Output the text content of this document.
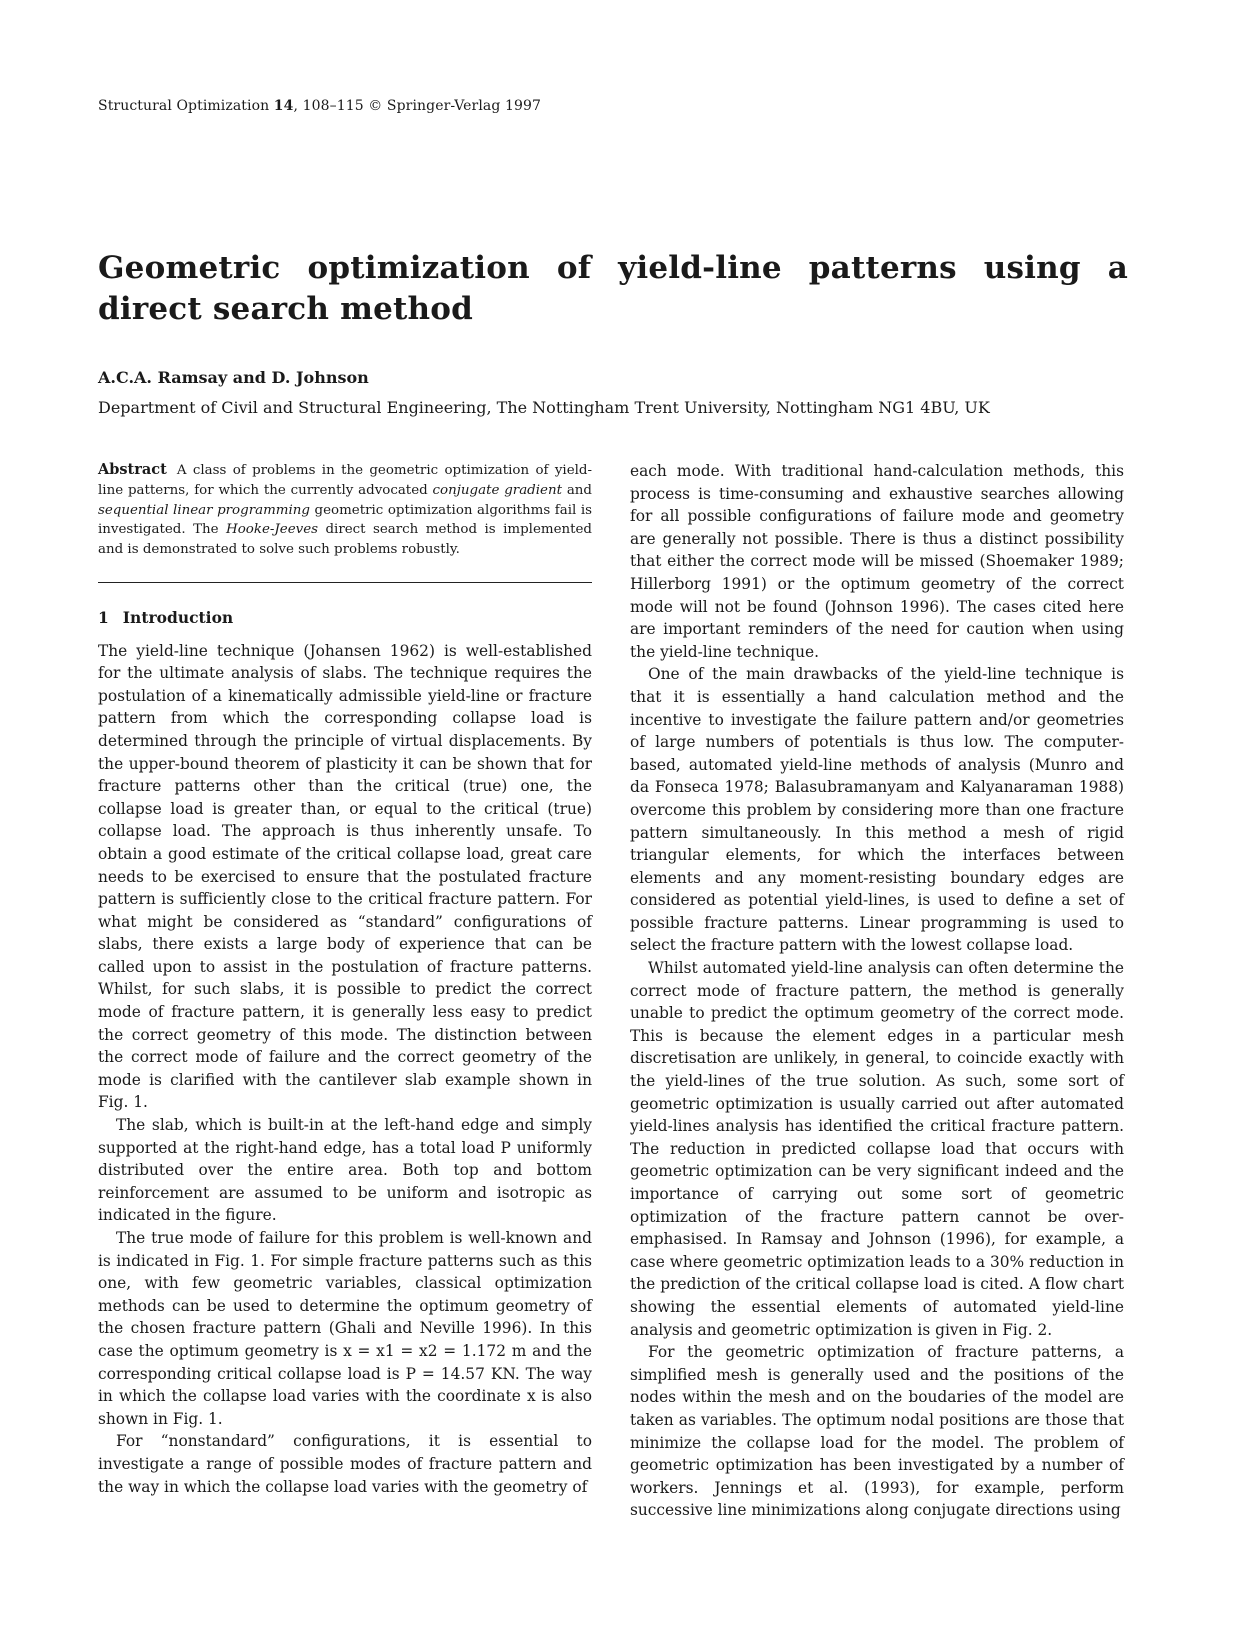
Structural Optimization 14, 108–115 © Springer-Verlag 1997
Geometric optimization of yield-line patterns using a direct search method
A.C.A. Ramsay and D. Johnson
Department of Civil and Structural Engineering, The Nottingham Trent University, Nottingham NG1 4BU, UK

Abstract A class of problems in the geometric optimization of yield-line patterns, for which the currently advocated conjugate gradient and sequential linear programming geometric optimization algorithms fail is investigated. The Hooke-Jeeves direct search method is implemented and is demonstrated to solve such problems robustly.

1 Introduction

The yield-line technique (Johansen 1962) is well-established for the ultimate analysis of slabs. The technique requires the postulation of a kinematically admissible yield-line or fracture pattern from which the corresponding collapse load is determined through the principle of virtual displacements. By the upper-bound theorem of plasticity it can be shown that for fracture patterns other than the critical (true) one, the collapse load is greater than, or equal to the critical (true) collapse load. The approach is thus inherently unsafe. To obtain a good estimate of the critical collapse load, great care needs to be exercised to ensure that the postulated fracture pattern is sufficiently close to the critical fracture pattern. For what might be considered as “standard” configurations of slabs, there exists a large body of experience that can be called upon to assist in the postulation of fracture patterns. Whilst, for such slabs, it is possible to predict the correct mode of fracture pattern, it is generally less easy to predict the correct geometry of this mode. The distinction between the correct mode of failure and the correct geometry of the mode is clarified with the cantilever slab example shown in Fig. 1.

The slab, which is built-in at the left-hand edge and simply supported at the right-hand edge, has a total load P uniformly distributed over the entire area. Both top and bottom reinforcement are assumed to be uniform and isotropic as indicated in the figure.

The true mode of failure for this problem is well-known and is indicated in Fig. 1. For simple fracture patterns such as this one, with few geometric variables, classical optimization methods can be used to determine the optimum geometry of the chosen fracture pattern (Ghali and Neville 1996). In this case the optimum geometry is x = x1 = x2 = 1.172 m and the corresponding critical collapse load is P = 14.57 KN. The way in which the collapse load varies with the coordinate x is also shown in Fig. 1.

For “nonstandard” configurations, it is essential to investigate a range of possible modes of fracture pattern and the way in which the collapse load varies with the geometry of

each mode. With traditional hand-calculation methods, this process is time-consuming and exhaustive searches allowing for all possible configurations of failure mode and geometry are generally not possible. There is thus a distinct possibility that either the correct mode will be missed (Shoemaker 1989; Hillerborg 1991) or the optimum geometry of the correct mode will not be found (Johnson 1996). The cases cited here are important reminders of the need for caution when using the yield-line technique.

One of the main drawbacks of the yield-line technique is that it is essentially a hand calculation method and the incentive to investigate the failure pattern and/or geometries of large numbers of potentials is thus low. The computer-based, automated yield-line methods of analysis (Munro and da Fonseca 1978; Balasubramanyam and Kalyanaraman 1988) overcome this problem by considering more than one fracture pattern simultaneously. In this method a mesh of rigid triangular elements, for which the interfaces between elements and any moment-resisting boundary edges are considered as potential yield-lines, is used to define a set of possible fracture patterns. Linear programming is used to select the fracture pattern with the lowest collapse load.

Whilst automated yield-line analysis can often determine the correct mode of fracture pattern, the method is generally unable to predict the optimum geometry of the correct mode. This is because the element edges in a particular mesh discretisation are unlikely, in general, to coincide exactly with the yield-lines of the true solution. As such, some sort of geometric optimization is usually carried out after automated yield-lines analysis has identified the critical fracture pattern. The reduction in predicted collapse load that occurs with geometric optimization can be very significant indeed and the importance of carrying out some sort of geometric optimization of the fracture pattern cannot be over-emphasised. In Ramsay and Johnson (1996), for example, a case where geometric optimization leads to a 30% reduction in the prediction of the critical collapse load is cited. A flow chart showing the essential elements of automated yield-line analysis and geometric optimization is given in Fig. 2.

For the geometric optimization of fracture patterns, a simplified mesh is generally used and the positions of the nodes within the mesh and on the boudaries of the model are taken as variables. The optimum nodal positions are those that minimize the collapse load for the model. The problem of geometric optimization has been investigated by a number of workers. Jennings et al. (1993), for example, perform successive line minimizations along conjugate directions using
